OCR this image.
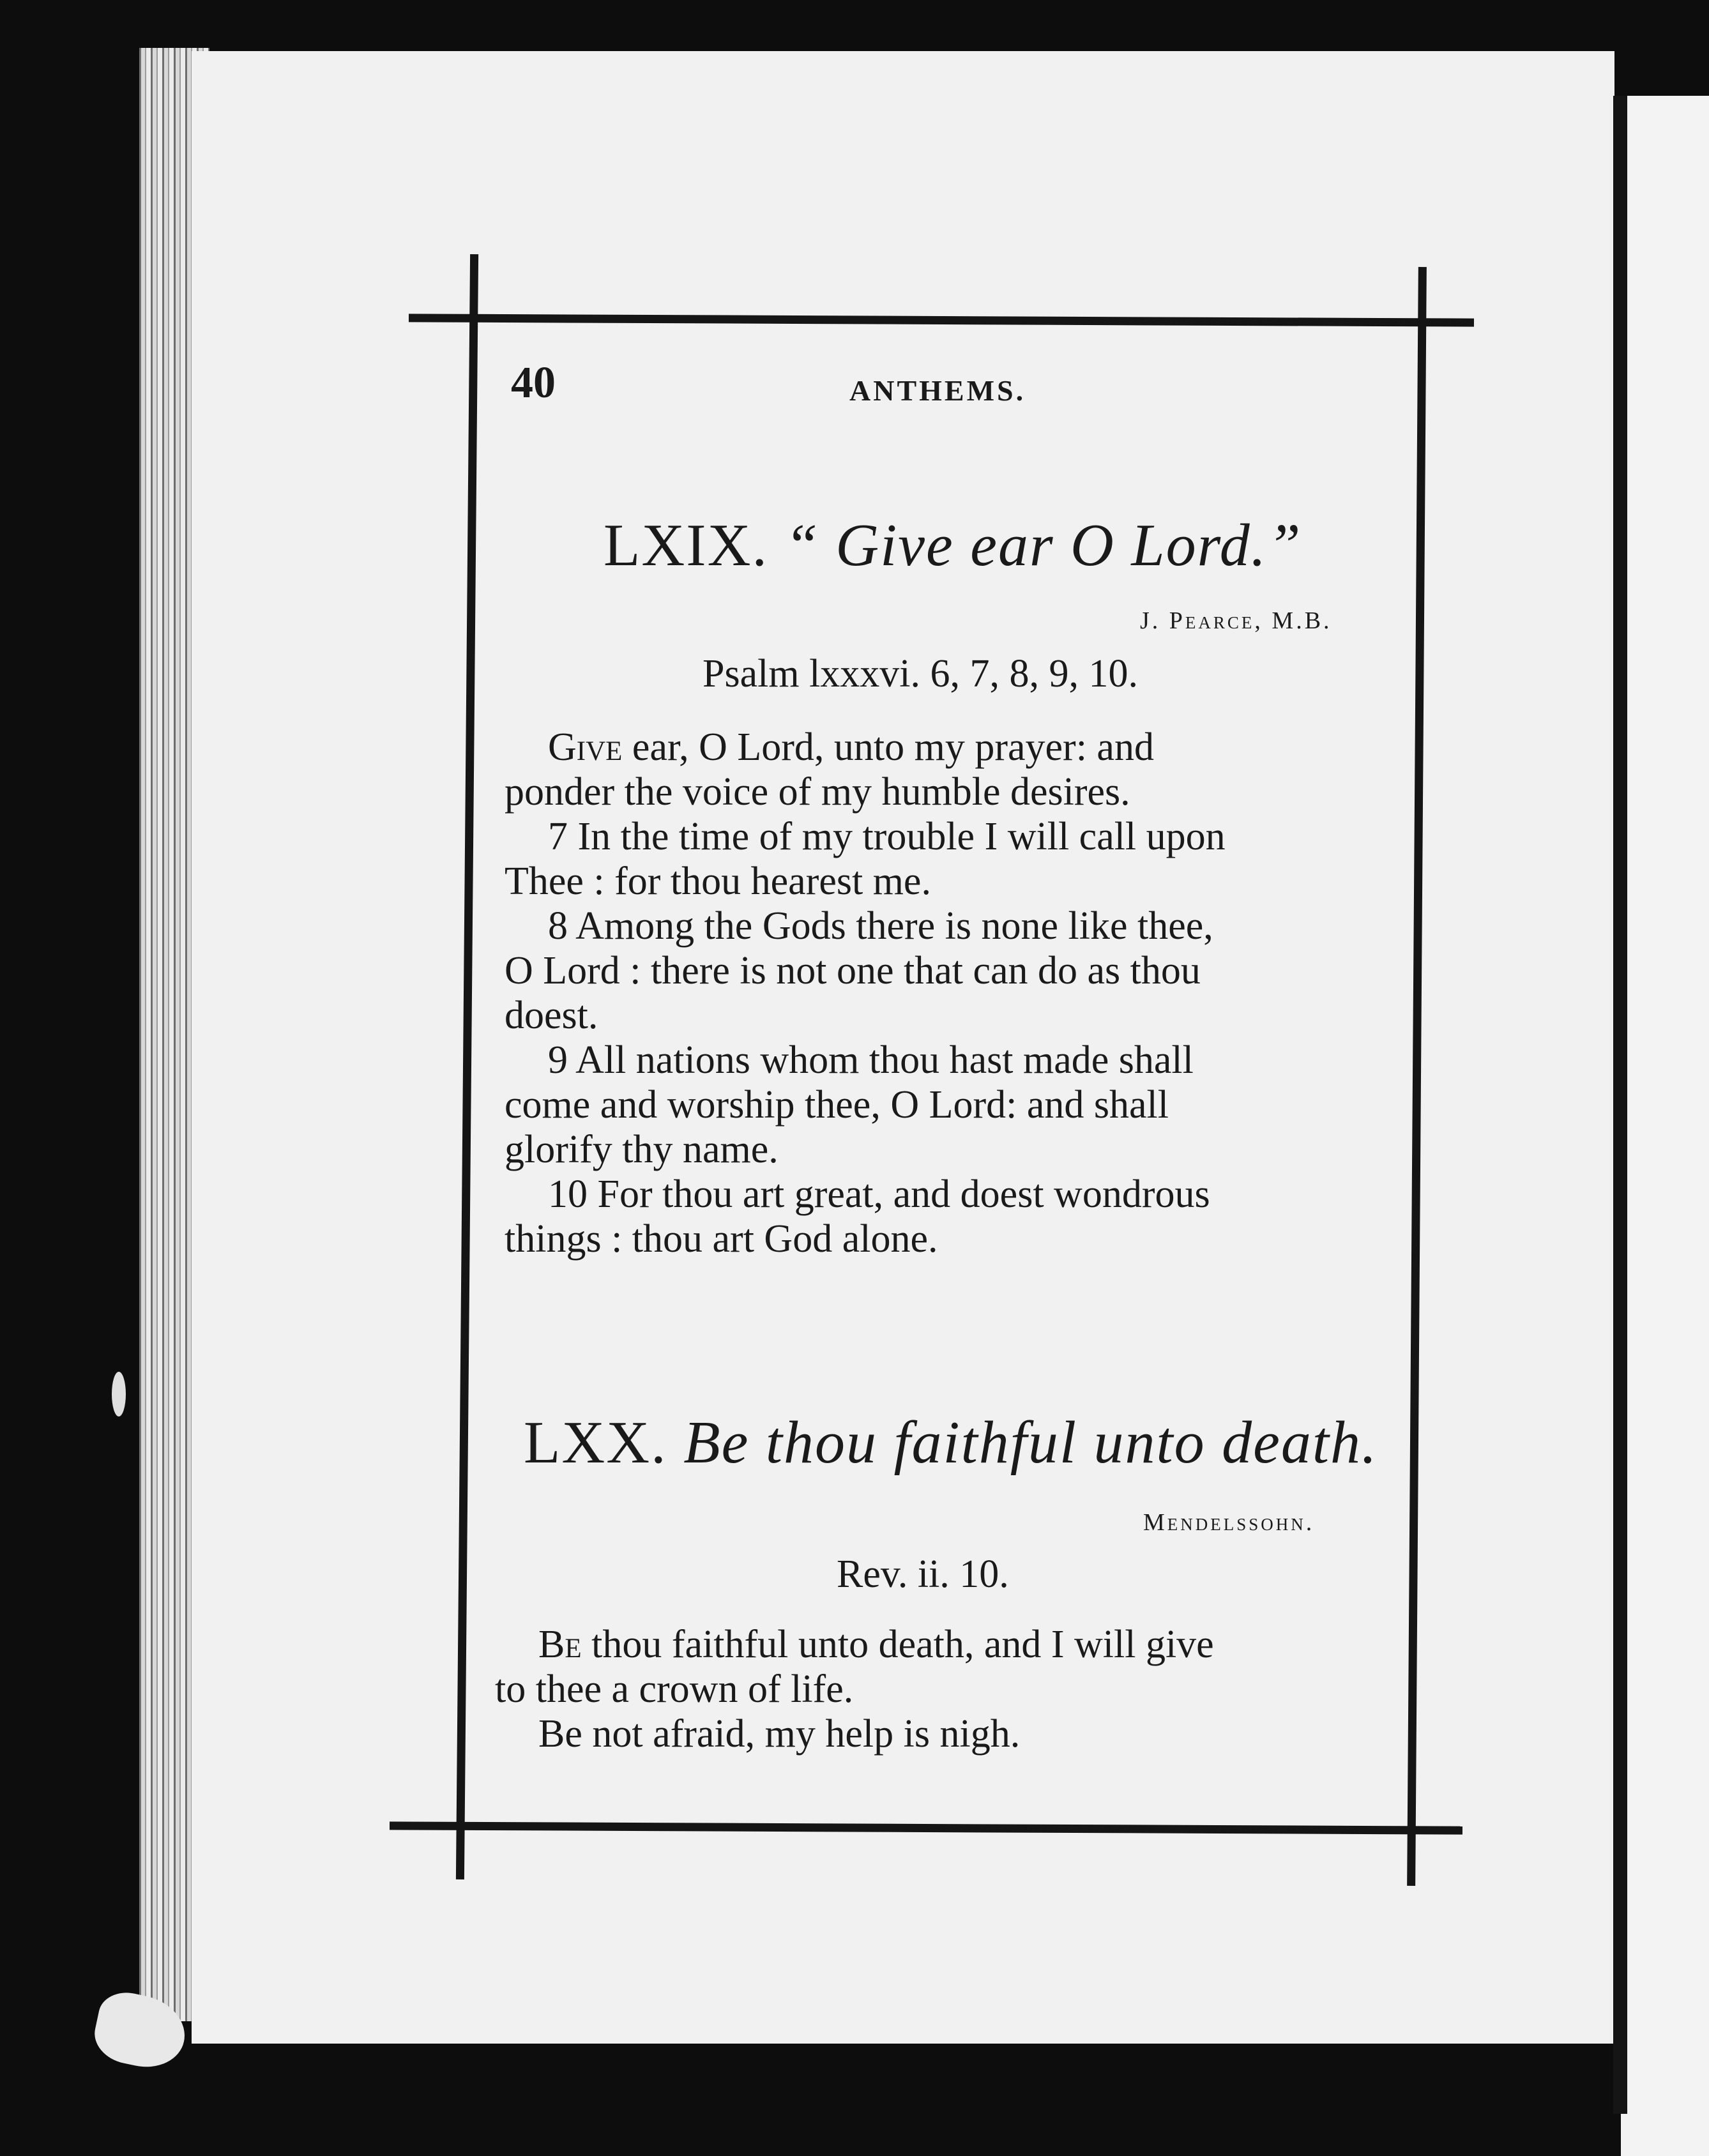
40	ANTHEMS.
LXIX. “ Give ear O Lord.”
J. Pearce, M.B.
Psalm lxxxvi. 6, 7, 8, 9, 10.
Give ear, O Lord, unto my prayer: and
ponder the voice of my humble desires.
7 In the time of my trouble I will call upon
Thee : for thou hearest me.
8 Among the Gods there is none like thee,
O Lord : there is not one that can do as thou
doest.
9 All nations whom thou hast made shall
come and worship thee, O Lord: and shall
glorify thy name.
10 For thou art great, and doest wondrous
things : thou art God alone.
LXX. Be thou faithful unto death.
Mendelssohn.
Rev. ii. 10.
Be thou faithful unto death, and I will give
to thee a crown of life.
Be not afraid, my help is nigh.
